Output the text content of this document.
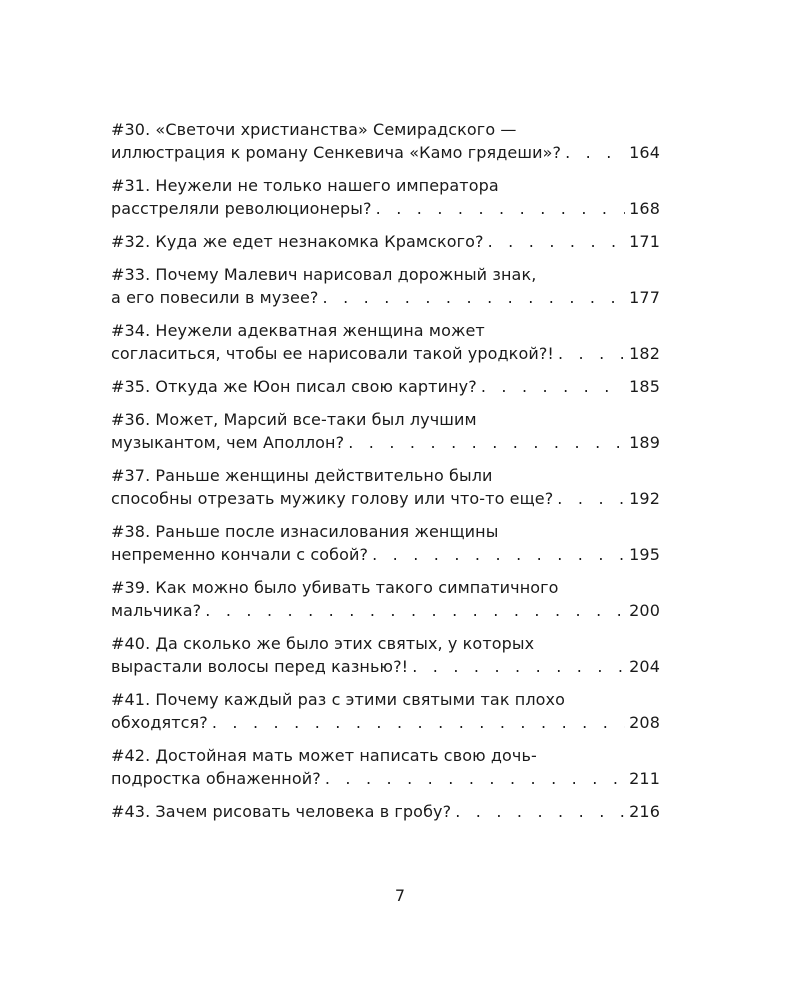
#30. «Светочи христианства» Семирадского —
иллюстрация к роману Сенкевича «Камо грядеши»? . . .	164
#31. Неужели не только нашего императора
расстреляли революционеры? . . .	168
#32. Куда же едет незнакомка Крамского? . . .	171
#33. Почему Малевич нарисовал дорожный знак,
а его повесили в музее? . . .	177
#34. Неужели адекватная женщина может
согласиться, чтобы ее нарисовали такой уродкой?! . . .	182
#35. Откуда же Юон писал свою картину? . . .	185
#36. Может, Марсий все-таки был лучшим
музыкантом, чем Аполлон? . . .	189
#37. Раньше женщины действительно были
способны отрезать мужику голову или что-то еще? . . .	192
#38. Раньше после изнасилования женщины
непременно кончали с собой? . . .	195
#39. Как можно было убивать такого симпатичного
мальчика? . . .	200
#40. Да сколько же было этих святых, у которых
вырастали волосы перед казнью?! . . .	204
#41. Почему каждый раз с этими святыми так плохо
обходятся? . . .	208
#42. Достойная мать может написать свою дочь-
подростка обнаженной? . . .	211
#43. Зачем рисовать человека в гробу? . . .	216
7
